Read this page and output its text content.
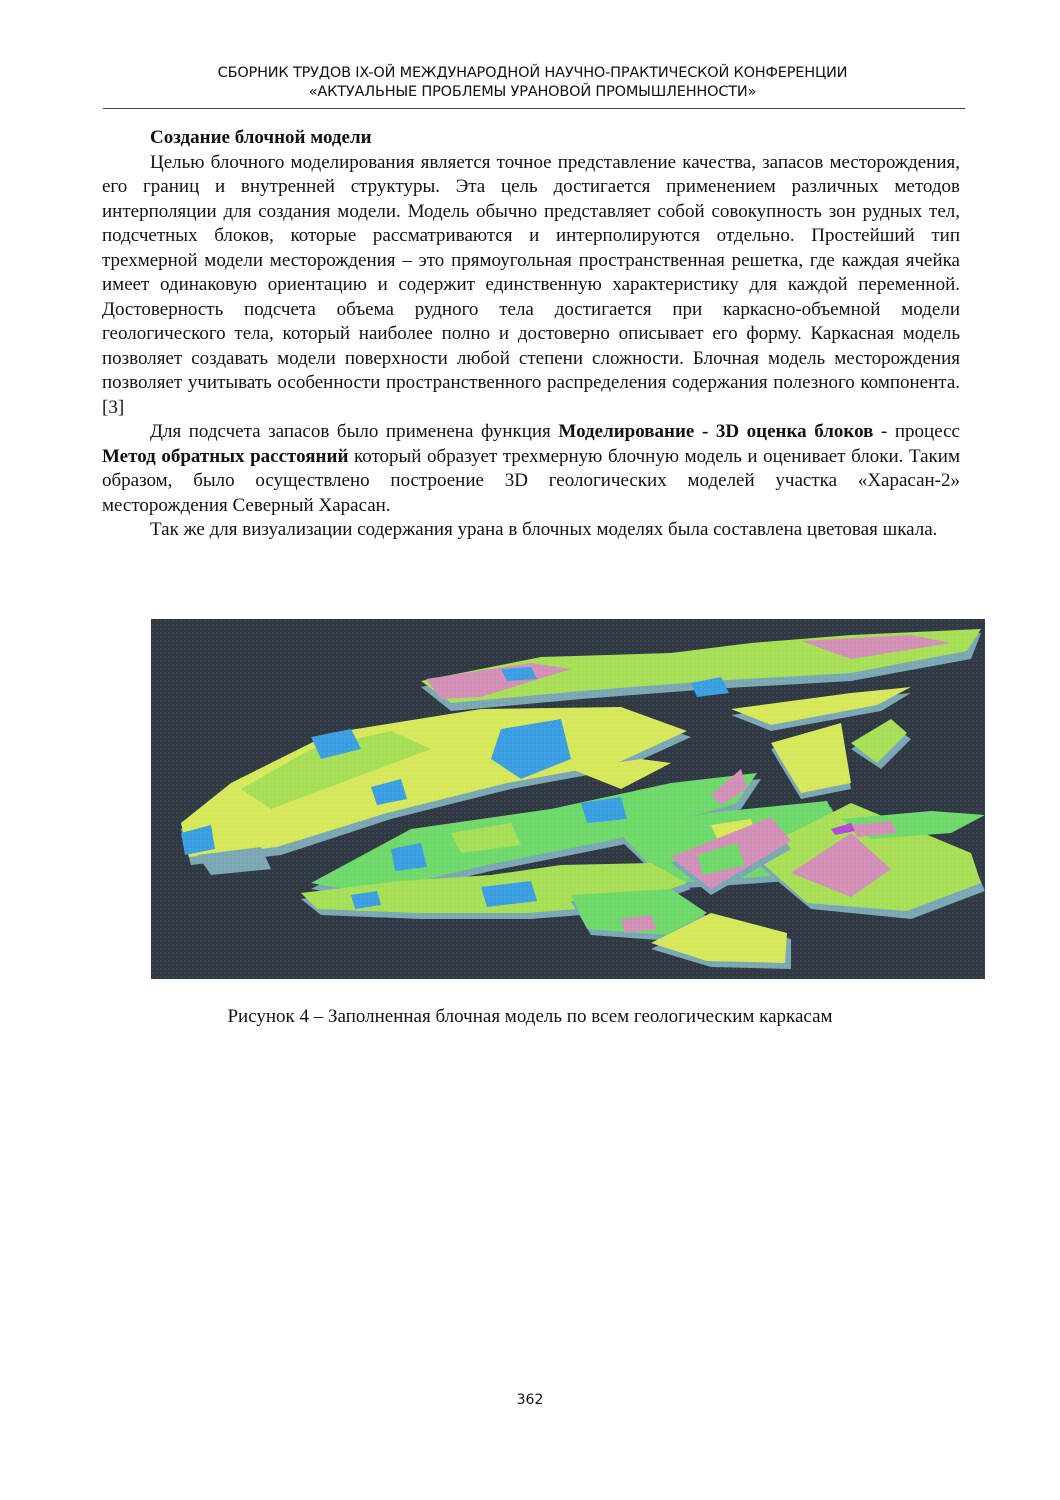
СБОРНИК ТРУДОВ IX-ОЙ МЕЖДУНАРОДНОЙ НАУЧНО-ПРАКТИЧЕСКОЙ КОНФЕРЕНЦИИ
«АКТУАЛЬНЫЕ ПРОБЛЕМЫ УРАНОВОЙ ПРОМЫШЛЕННОСТИ»

Создание блочной модели

Целью блочного моделирования является точное представление качества, запасов месторождения, его границ и внутренней структуры. Эта цель достигается применением различных методов интерполяции для создания модели. Модель обычно представляет собой совокупность зон рудных тел, подсчетных блоков, которые рассматриваются и интерполируются отдельно. Простейший тип трехмерной модели месторождения – это прямоугольная пространственная решетка, где каждая ячейка имеет одинаковую ориентацию и содержит единственную характеристику для каждой переменной. Достоверность подсчета объема рудного тела достигается при каркасно-объемной модели геологического тела, который наиболее полно и достоверно описывает его форму. Каркасная модель позволяет создавать модели поверхности любой степени сложности. Блочная модель месторождения позволяет учитывать особенности пространственного распределения содержания полезного компонента. [3]

Для подсчета запасов было применена функция Моделирование - 3D оценка блоков - процесс Метод обратных расстояний который образует трехмерную блочную модель и оценивает блоки. Таким образом, было осуществлено построение 3D геологических моделей участка «Харасан-2» месторождения Северный Харасан.

Так же для визуализации содержания урана в блочных моделях была составлена цветовая шкала.

Рисунок 4 – Заполненная блочная модель по всем геологическим каркасам
362
